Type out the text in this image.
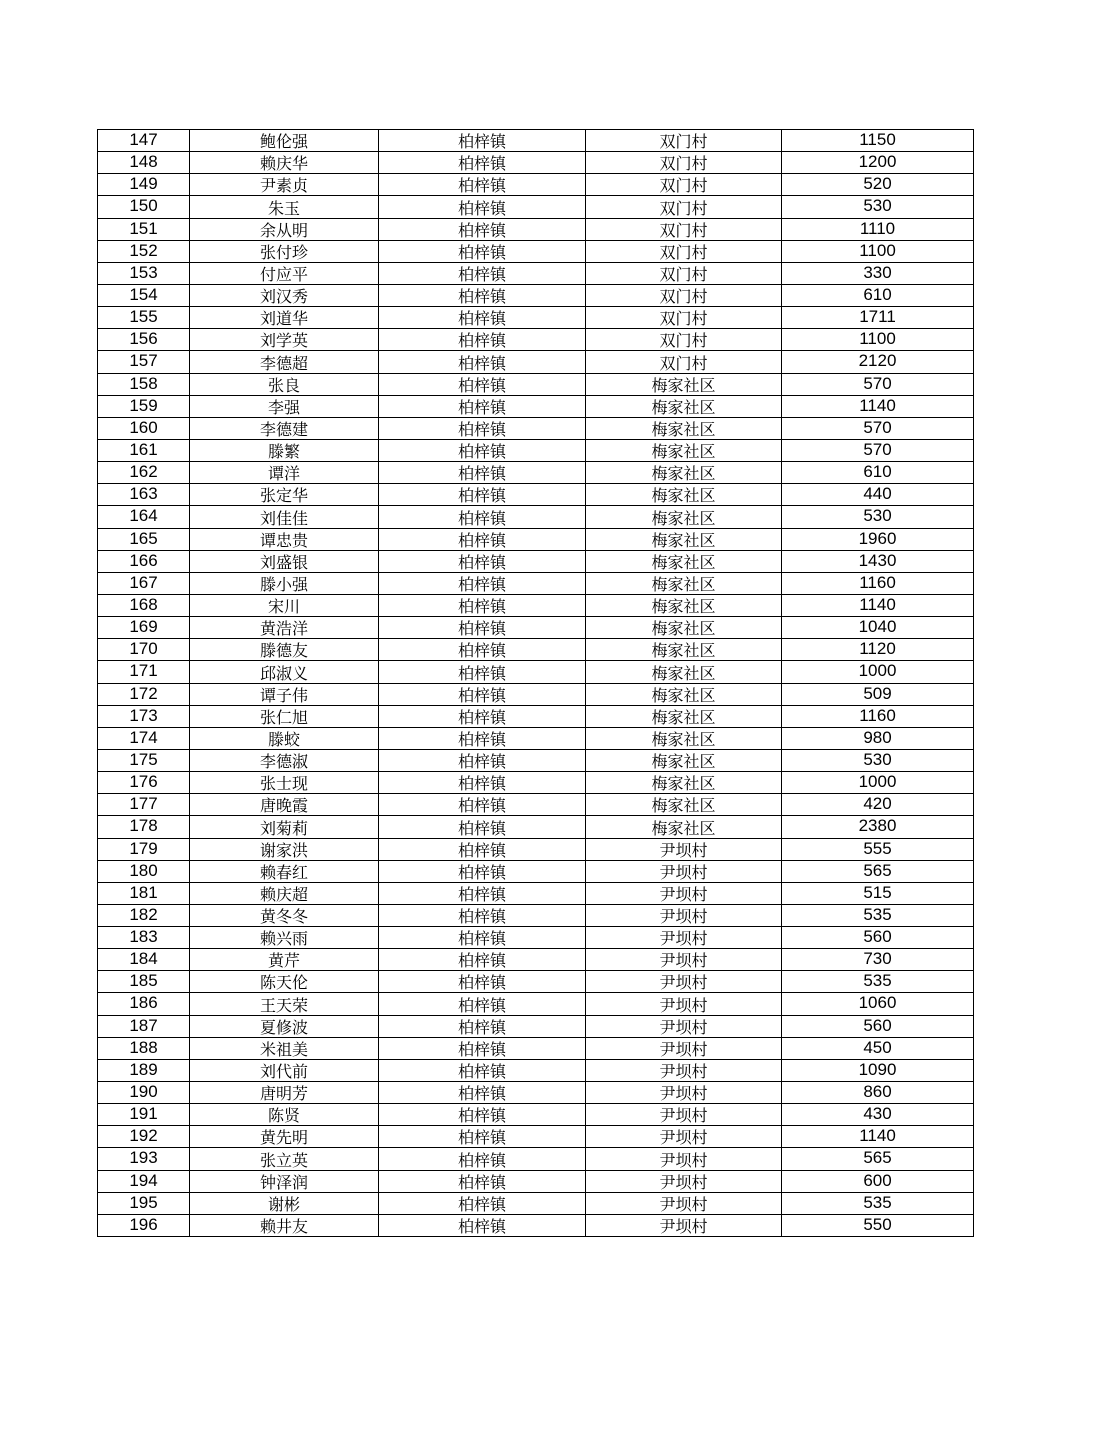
147	鲍伦强	柏梓镇	双门村	1150
148	赖庆华	柏梓镇	双门村	1200
149	尹素贞	柏梓镇	双门村	520
150	朱玉	柏梓镇	双门村	530
151	余从明	柏梓镇	双门村	1110
152	张付珍	柏梓镇	双门村	1100
153	付应平	柏梓镇	双门村	330
154	刘汉秀	柏梓镇	双门村	610
155	刘道华	柏梓镇	双门村	1711
156	刘学英	柏梓镇	双门村	1100
157	李德超	柏梓镇	双门村	2120
158	张良	柏梓镇	梅家社区	570
159	李强	柏梓镇	梅家社区	1140
160	李德建	柏梓镇	梅家社区	570
161	滕繁	柏梓镇	梅家社区	570
162	谭洋	柏梓镇	梅家社区	610
163	张定华	柏梓镇	梅家社区	440
164	刘佳佳	柏梓镇	梅家社区	530
165	谭忠贵	柏梓镇	梅家社区	1960
166	刘盛银	柏梓镇	梅家社区	1430
167	滕小强	柏梓镇	梅家社区	1160
168	宋川	柏梓镇	梅家社区	1140
169	黄浩洋	柏梓镇	梅家社区	1040
170	滕德友	柏梓镇	梅家社区	1120
171	邱淑义	柏梓镇	梅家社区	1000
172	谭子伟	柏梓镇	梅家社区	509
173	张仁旭	柏梓镇	梅家社区	1160
174	滕蛟	柏梓镇	梅家社区	980
175	李德淑	柏梓镇	梅家社区	530
176	张士现	柏梓镇	梅家社区	1000
177	唐晚霞	柏梓镇	梅家社区	420
178	刘菊莉	柏梓镇	梅家社区	2380
179	谢家洪	柏梓镇	尹坝村	555
180	赖春红	柏梓镇	尹坝村	565
181	赖庆超	柏梓镇	尹坝村	515
182	黄冬冬	柏梓镇	尹坝村	535
183	赖兴雨	柏梓镇	尹坝村	560
184	黄芹	柏梓镇	尹坝村	730
185	陈天伦	柏梓镇	尹坝村	535
186	王天荣	柏梓镇	尹坝村	1060
187	夏修波	柏梓镇	尹坝村	560
188	米祖美	柏梓镇	尹坝村	450
189	刘代前	柏梓镇	尹坝村	1090
190	唐明芳	柏梓镇	尹坝村	860
191	陈贤	柏梓镇	尹坝村	430
192	黄先明	柏梓镇	尹坝村	1140
193	张立英	柏梓镇	尹坝村	565
194	钟泽润	柏梓镇	尹坝村	600
195	谢彬	柏梓镇	尹坝村	535
196	赖井友	柏梓镇	尹坝村	550
